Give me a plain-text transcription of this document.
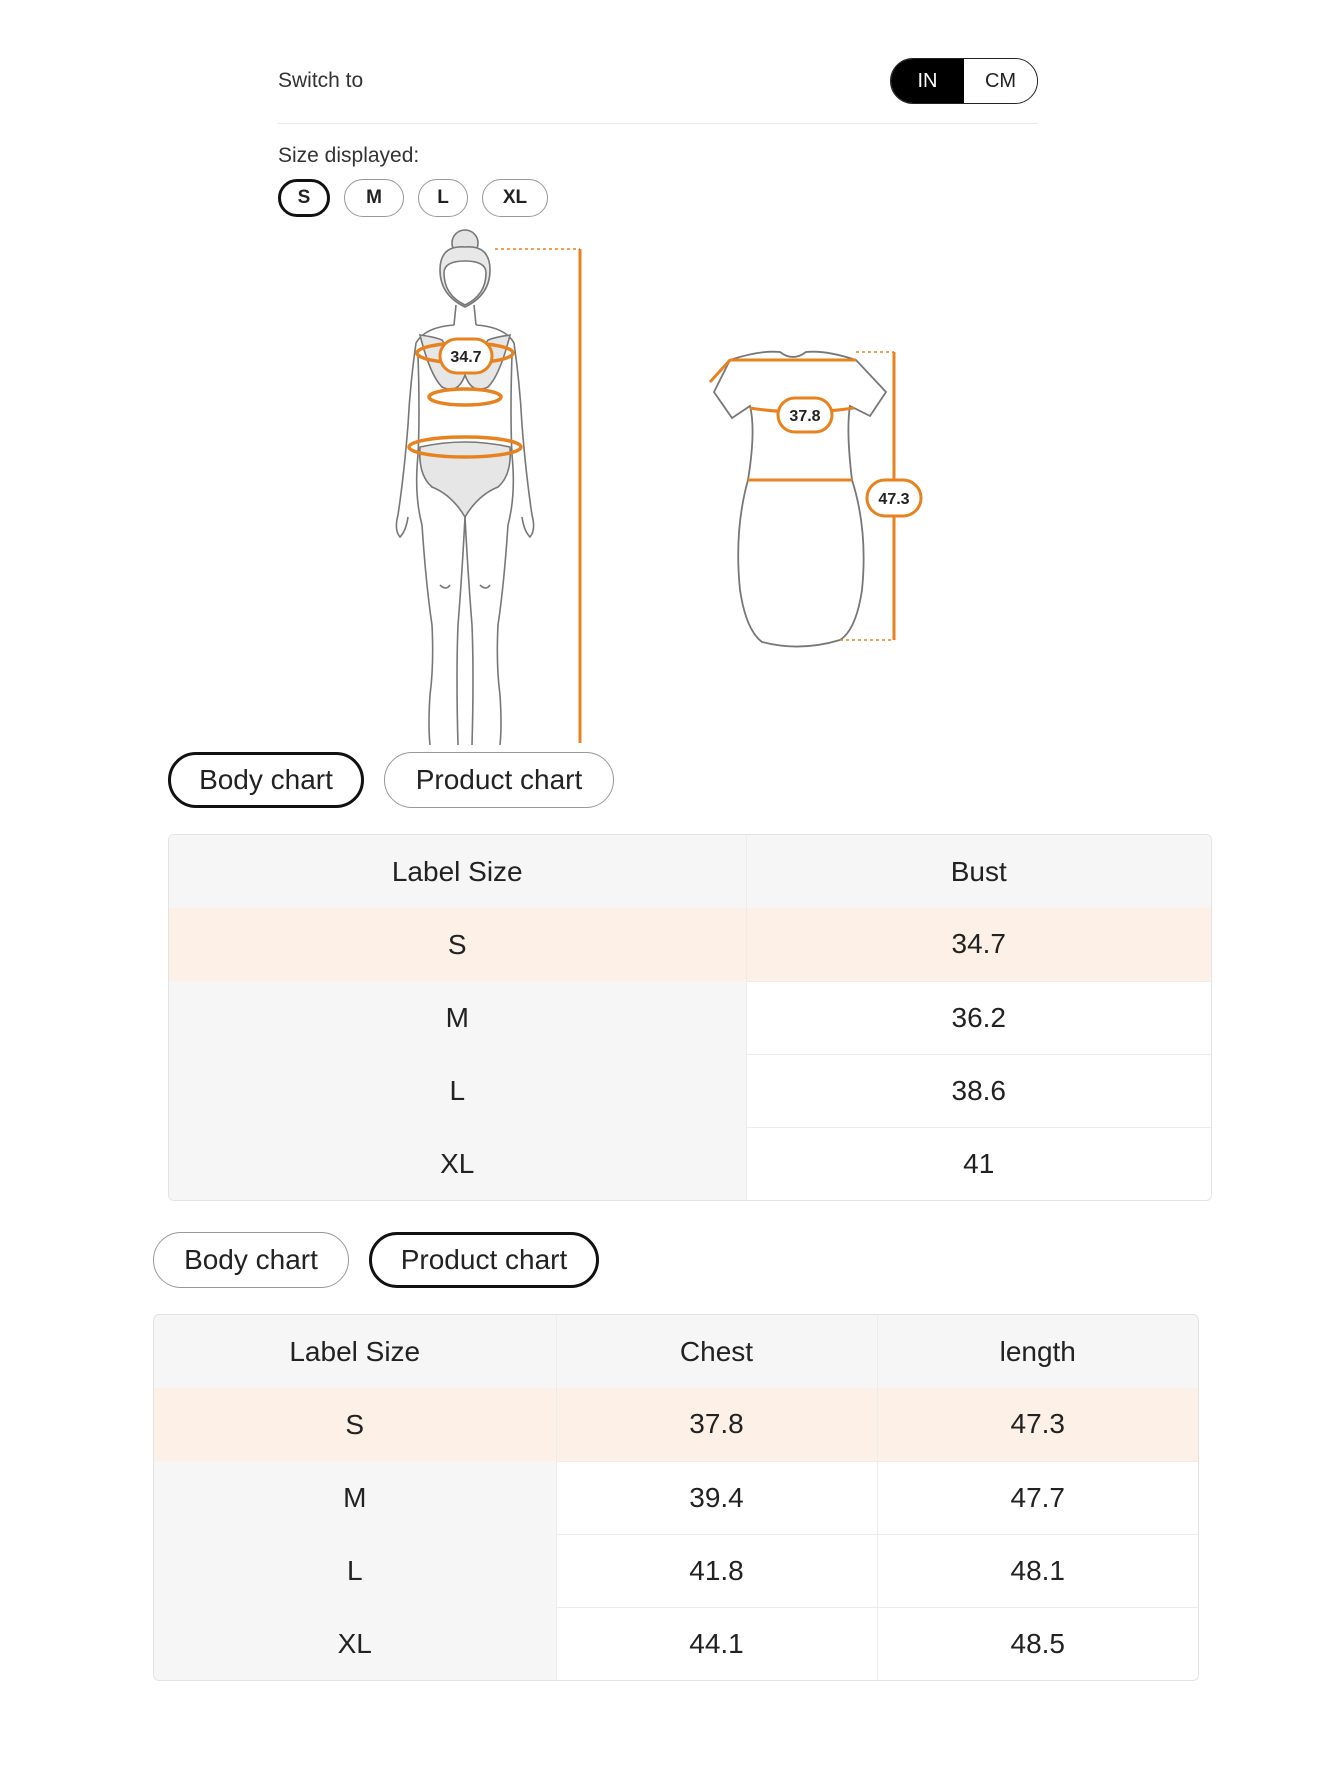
Switch to	IN	CM
Size displayed:
S	M	L	XL
34.7
37.8
47.3
Body chart	Product chart
Label Size	Bust
S	34.7
M	36.2
L	38.6
XL	41
Body chart	Product chart
Label Size	Chest	length
S	37.8	47.3
M	39.4	47.7
L	41.8	48.1
XL	44.1	48.5
